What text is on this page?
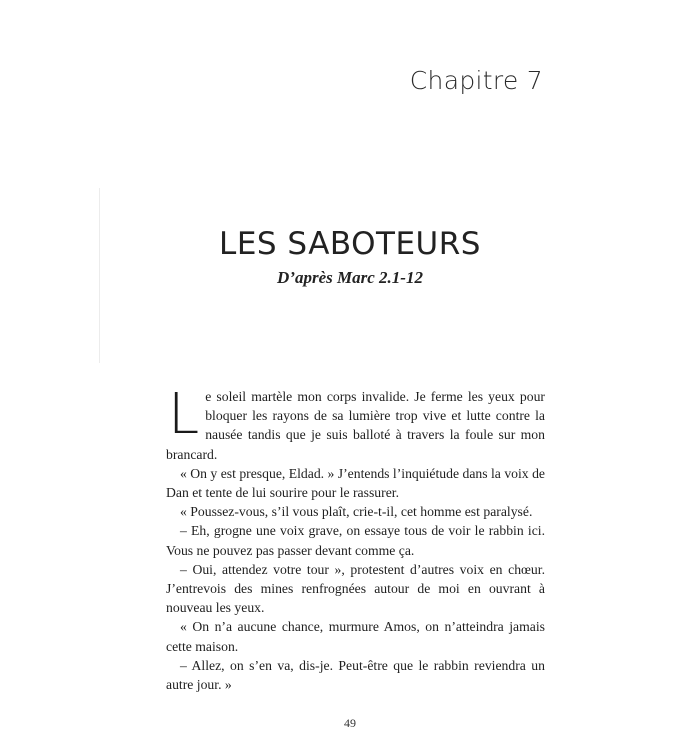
Chapitre 7
LES SABOTEURS
D’après Marc 2.1-12

Le soleil martèle mon corps invalide. Je ferme les yeux pour bloquer les rayons de sa lumière trop vive et lutte contre la nausée tandis que je suis balloté à travers la foule sur mon brancard.

« On y est presque, Eldad. » J’entends l’inquiétude dans la voix de Dan et tente de lui sourire pour le rassurer.

« Poussez-vous, s’il vous plaît, crie-t-il, cet homme est paralysé.

– Eh, grogne une voix grave, on essaye tous de voir le rabbin ici. Vous ne pouvez pas passer devant comme ça.

– Oui, attendez votre tour », protestent d’autres voix en chœur. J’entrevois des mines renfrognées autour de moi en ouvrant à nouveau les yeux.

« On n’a aucune chance, murmure Amos, on n’atteindra jamais cette maison.

– Allez, on s’en va, dis-je. Peut-être que le rabbin reviendra un autre jour. »

49
